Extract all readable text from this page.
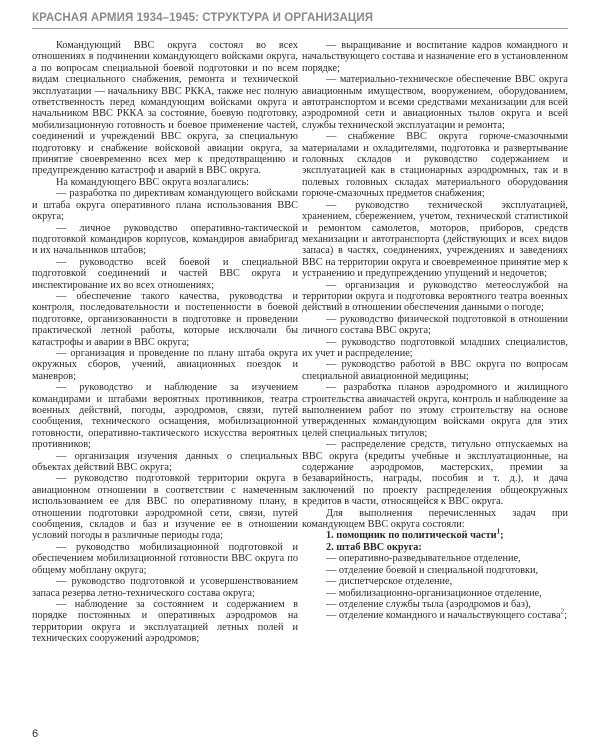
КРАСНАЯ АРМИЯ 1934–1945: СТРУКТУРА И ОРГАНИЗАЦИЯ

Командующий ВВС округа состоял во всех отношениях в подчинении командующего войсками округа, а по вопросам специальной боевой подготовки и по всем видам специального снабжения, ремонта и технической эксплуатации — начальнику ВВС РККА, также нес полную ответственность перед командующим войсками округа и начальником ВВС РККА за состояние, боевую подготовку, мобилизационную готовность и боевое применение частей, соединений и учреждений ВВС округа, за специальную подготовку и снабжение войсковой авиации округа, за принятие своевременно всех мер к предотвращению и предупреждению катастроф и аварий в ВВС округа.

На командующего ВВС округа возлагались:

— разработка по директивам командующего войсками и штаба округа оперативного плана использования ВВС округа;

— личное руководство оперативно-тактической подготовкой командиров корпусов, командиров авиабригад и их начальников штабов;

— руководство всей боевой и специальной подготовкой соединений и частей ВВС округа и инспектирование их во всех отношениях;

— обеспечение такого качества, руководства и контроля, последовательности и постепенности в боевой подготовке, организованности в подготовке и проведении практической летной работы, которые исключали бы катастрофы и аварии в ВВС округа;

— организация и проведение по плану штаба округа окружных сборов, учений, авиационных поездок и маневров;

— руководство и наблюдение за изучением командирами и штабами вероятных противников, театра военных действий, погоды, аэродромов, связи, путей сообщения, технического оснащения, мобилизационной готовности, оперативно-тактического искусства вероятных противников;

— организация изучения данных о специальных объектах действий ВВС округа;

— руководство подготовкой территории округа в авиационном отношении в соответствии с намеченным использованием ее для ВВС по оперативному плану, в отношении подготовки аэродромной сети, связи, путей сообщения, складов и баз и изучение ее в отношении условий погоды в различные периоды года;

— руководство мобилизационной подготовкой и обеспечением мобилизационной готовности ВВС округа по общему мобплану округа;

— руководство подготовкой и усовершенствованием запаса резерва летно-технического состава округа;

— наблюдение за состоянием и содержанием в порядке постоянных и оперативных аэродромов на территории округа и эксплуатацией летных полей и технических сооружений аэродромов;

— выращивание и воспитание кадров командного и начальствующего состава и назначение его в установленном порядке;

— материально-техническое обеспечение ВВС округа авиационным имуществом, вооружением, оборудованием, автотранспортом и всеми средствами механизации для всей аэродромной сети и авиационных тылов округа и всей службы технической эксплуатации и ремонта;

— снабжение ВВС округа горюче-смазочными материалами и охладителями, подготовка и развертывание головных складов и руководство содержанием и эксплуатацией как в стационарных аэродромных, так и в полевых головных складах материального оборудования горюче-смазочных предметов снабжения;

— руководство технической эксплуатацией, хранением, сбережением, учетом, технической статистикой и ремонтом самолетов, моторов, приборов, средств механизации и автотранспорта (действующих и всех видов запаса) в частях, соединениях, учреждениях и заведениях ВВС на территории округа и своевременное принятие мер к устранению и предупреждению упущений и недочетов;

— организация и руководство метеослужбой на территории округа и подготовка вероятного театра военных действий в отношении обеспечения данными о погоде;

— руководство физической подготовкой в отношении личного состава ВВС округа;

— руководство подготовкой младших специалистов, их учет и распределение;

— руководство работой в ВВС округа по вопросам специальной авиационной медицины;

— разработка планов аэродромного и жилищного строительства авиачастей округа, контроль и наблюдение за выполнением работ по этому строительству на основе утвержденных командующим войсками округа для этих целей специальных титулов;

— распределение средств, титульно отпускаемых на ВВС округа (кредиты учебные и эксплуатационные, на содержание аэродромов, мастерских, премии за безаварийность, награды, пособия и т. д.), и дача заключений по проекту распределения общеокружных кредитов в части, относящейся к ВВС округа.

Для выполнения перечисленных задач при командующем ВВС округа состояли:

1. помощник по политической части$^1$;

2. штаб ВВС округа:

— оперативно-разведывательное отделение,

— отделение боевой и специальной подготовки,

— диспетчерское отделение,

— мобилизационно-организационное отделение,

— отделение службы тыла (аэродромов и баз),

— отделение командного и начальствующего состава$^2$;

6
